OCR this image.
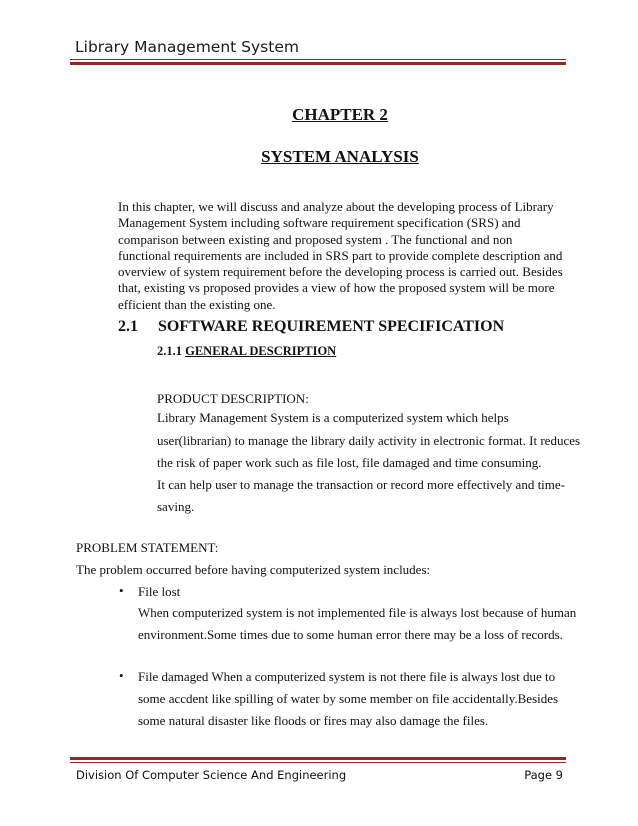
Library Management System
CHAPTER 2
SYSTEM ANALYSIS
In this chapter, we will discuss and analyze about the developing process of Library Management System including software requirement specification (SRS) and comparison between existing and proposed system . The functional and non functional requirements are included in SRS part to provide complete description and overview of system requirement before the developing process is carried out. Besides that, existing vs proposed provides a view of how the proposed system will be more efficient than the existing one.
2.1 SOFTWARE REQUIREMENT SPECIFICATION
2.1.1 GENERAL DESCRIPTION
PRODUCT DESCRIPTION:
Library Management System is a computerized system which helps
user(librarian) to manage the library daily activity in electronic format. It reduces
the risk of paper work such as file lost, file damaged and time consuming.
It can help user to manage the transaction or record more effectively and time-
saving.
PROBLEM STATEMENT:
The problem occurred before having computerized system includes:
• File lost
When computerized system is not implemented file is always lost because of human
environment.Some times due to some human error there may be a loss of records.
• File damaged When a computerized system is not there file is always lost due to
some accdent like spilling of water by some member on file accidentally.Besides
some natural disaster like floods or fires may also damage the files.
Division Of Computer Science And Engineering	Page 9
